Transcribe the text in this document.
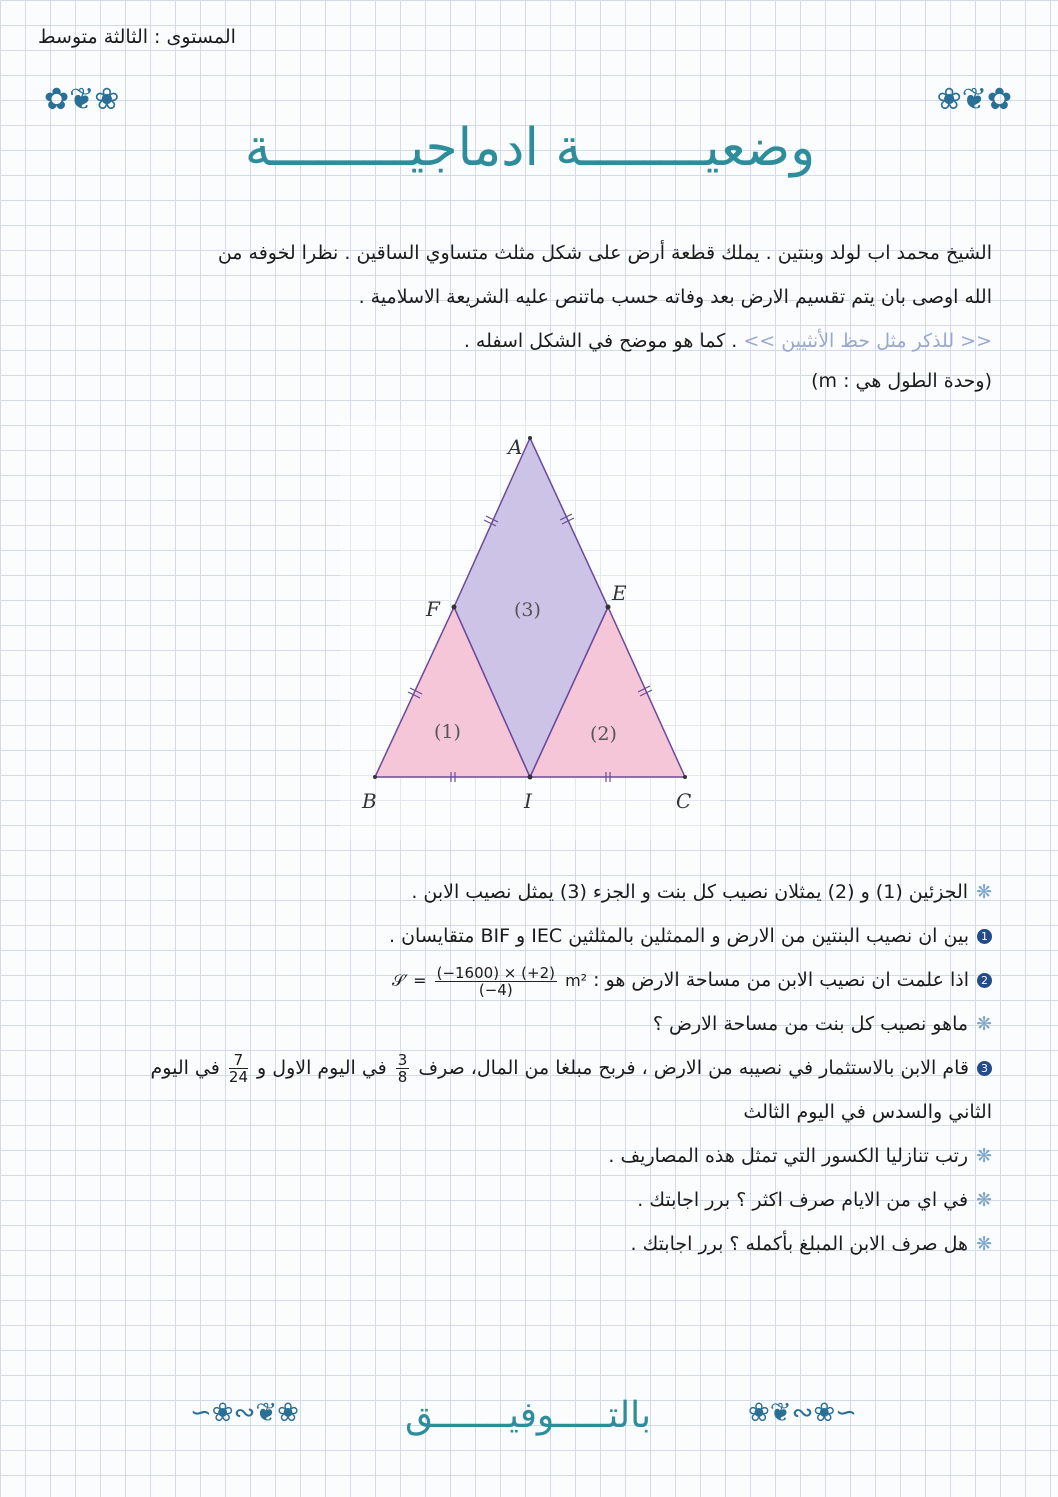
المستوى : الثالثة متوسط
✿❦❀	❀❦✿
وضعيــــــــة ادماجيـــــــــة
الشيخ محمد اب لولد وبنتين . يملك قطعة أرض على شكل مثلث متساوي الساقين . نظرا لخوفه من
الله اوصى بان يتم تقسيم الارض بعد وفاته حسب ماتنص عليه الشريعة الاسلامية .
<< للذكر مثل حظ الأنثيين >> . كما هو موضح في الشكل اسفله .
(وحدة الطول هي : m)
A
F
E
B	I	C
(3)
(1)	(2)
❋الجزئين (1) و (2) يمثلان نصيب كل بنت و الجزء (3) يمثل نصيب الابن .
1بين ان نصيب البنتين من الارض و الممثلين بالمثلثين IEC و BIF متقايسان .
2اذا علمت ان نصيب الابن من مساحة الارض هو : 𝒮′ = $\frac{(-1600) \times (+2)}{(-4)} m^2$
❋ماهو نصيب كل بنت من مساحة الارض ؟
3قام الابن بالاستثمار في نصيبه من الارض ، فربح مبلغا من المال، صرف
$\frac{3}{8}$
في اليوم الاول و
$\frac{7}{24}$
في اليوم
الثاني والسدس في اليوم الثالث
❋رتب تنازليا الكسور التي تمثل هذه المصاريف .
❋في اي من الايام صرف اكثر ؟ برر اجابتك .
❋هل صرف الابن المبلغ بأكمله ؟ برر اجابتك .
∽❀∾❦❀	بالتـــــوفيـــــــق	❀❦∾❀∽
